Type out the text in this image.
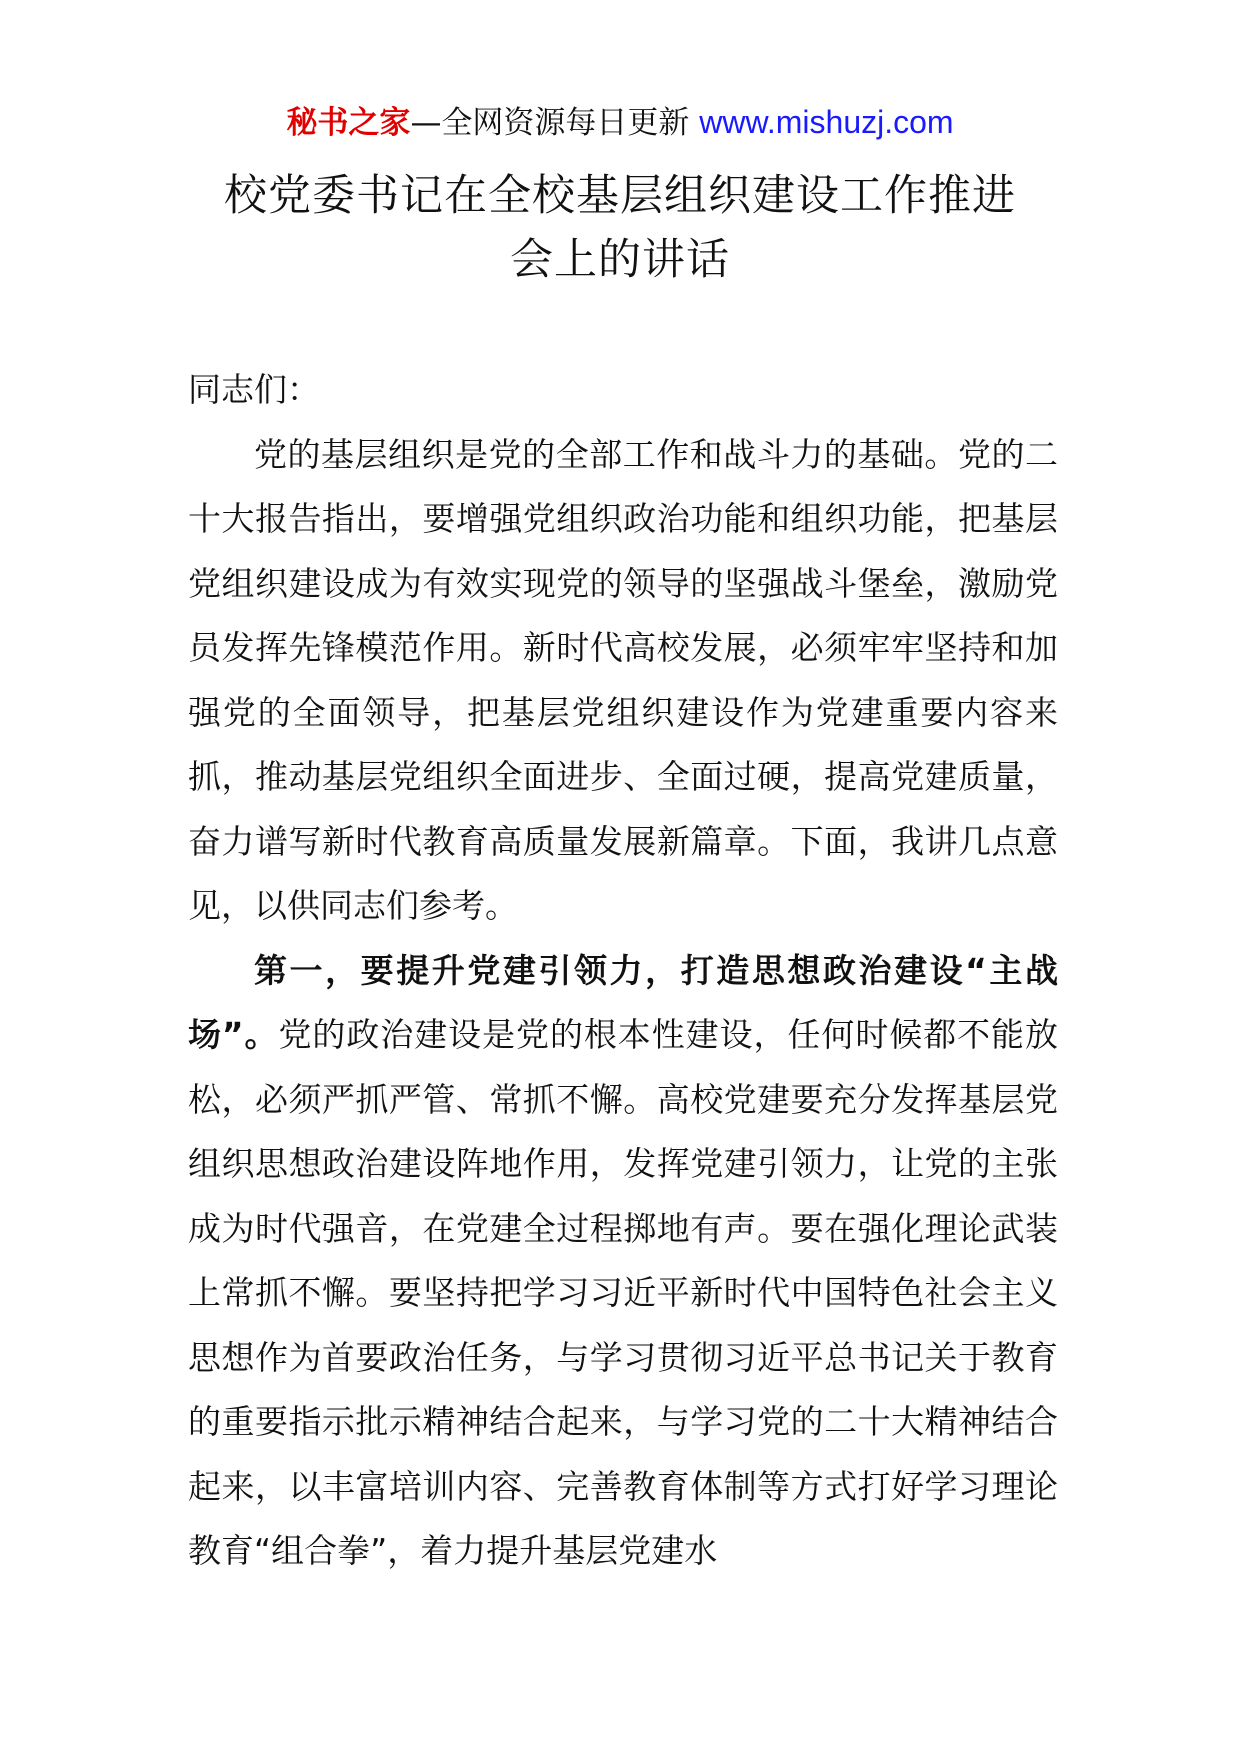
秘书之家—全网资源每日更新 www.mishuzj.com
校党委书记在全校基层组织建设工作推进
会上的讲话

同志们：

党的基层组织是党的全部工作和战斗力的基础。党的二十大报告指出，要增强党组织政治功能和组织功能，把基层党组织建设成为有效实现党的领导的坚强战斗堡垒，激励党员发挥先锋模范作用。新时代高校发展，必须牢牢坚持和加强党的全面领导，把基层党组织建设作为党建重要内容来抓，推动基层党组织全面进步、全面过硬，提高党建质量，奋力谱写新时代教育高质量发展新篇章。下面，我讲几点意见，以供同志们参考。

第一，要提升党建引领力，打造思想政治建设“主战场”。党的政治建设是党的根本性建设，任何时候都不能放松，必须严抓严管、常抓不懈。高校党建要充分发挥基层党组织思想政治建设阵地作用，发挥党建引领力，让党的主张成为时代强音，在党建全过程掷地有声。要在强化理论武装上常抓不懈。要坚持把学习习近平新时代中国特色社会主义思想作为首要政治任务，与学习贯彻习近平总书记关于教育的重要指示批示精神结合起来，与学习党的二十大精神结合起来，以丰富培训内容、完善教育体制等方式打好学习理论教育“组合拳”，着力提升基层党建水
